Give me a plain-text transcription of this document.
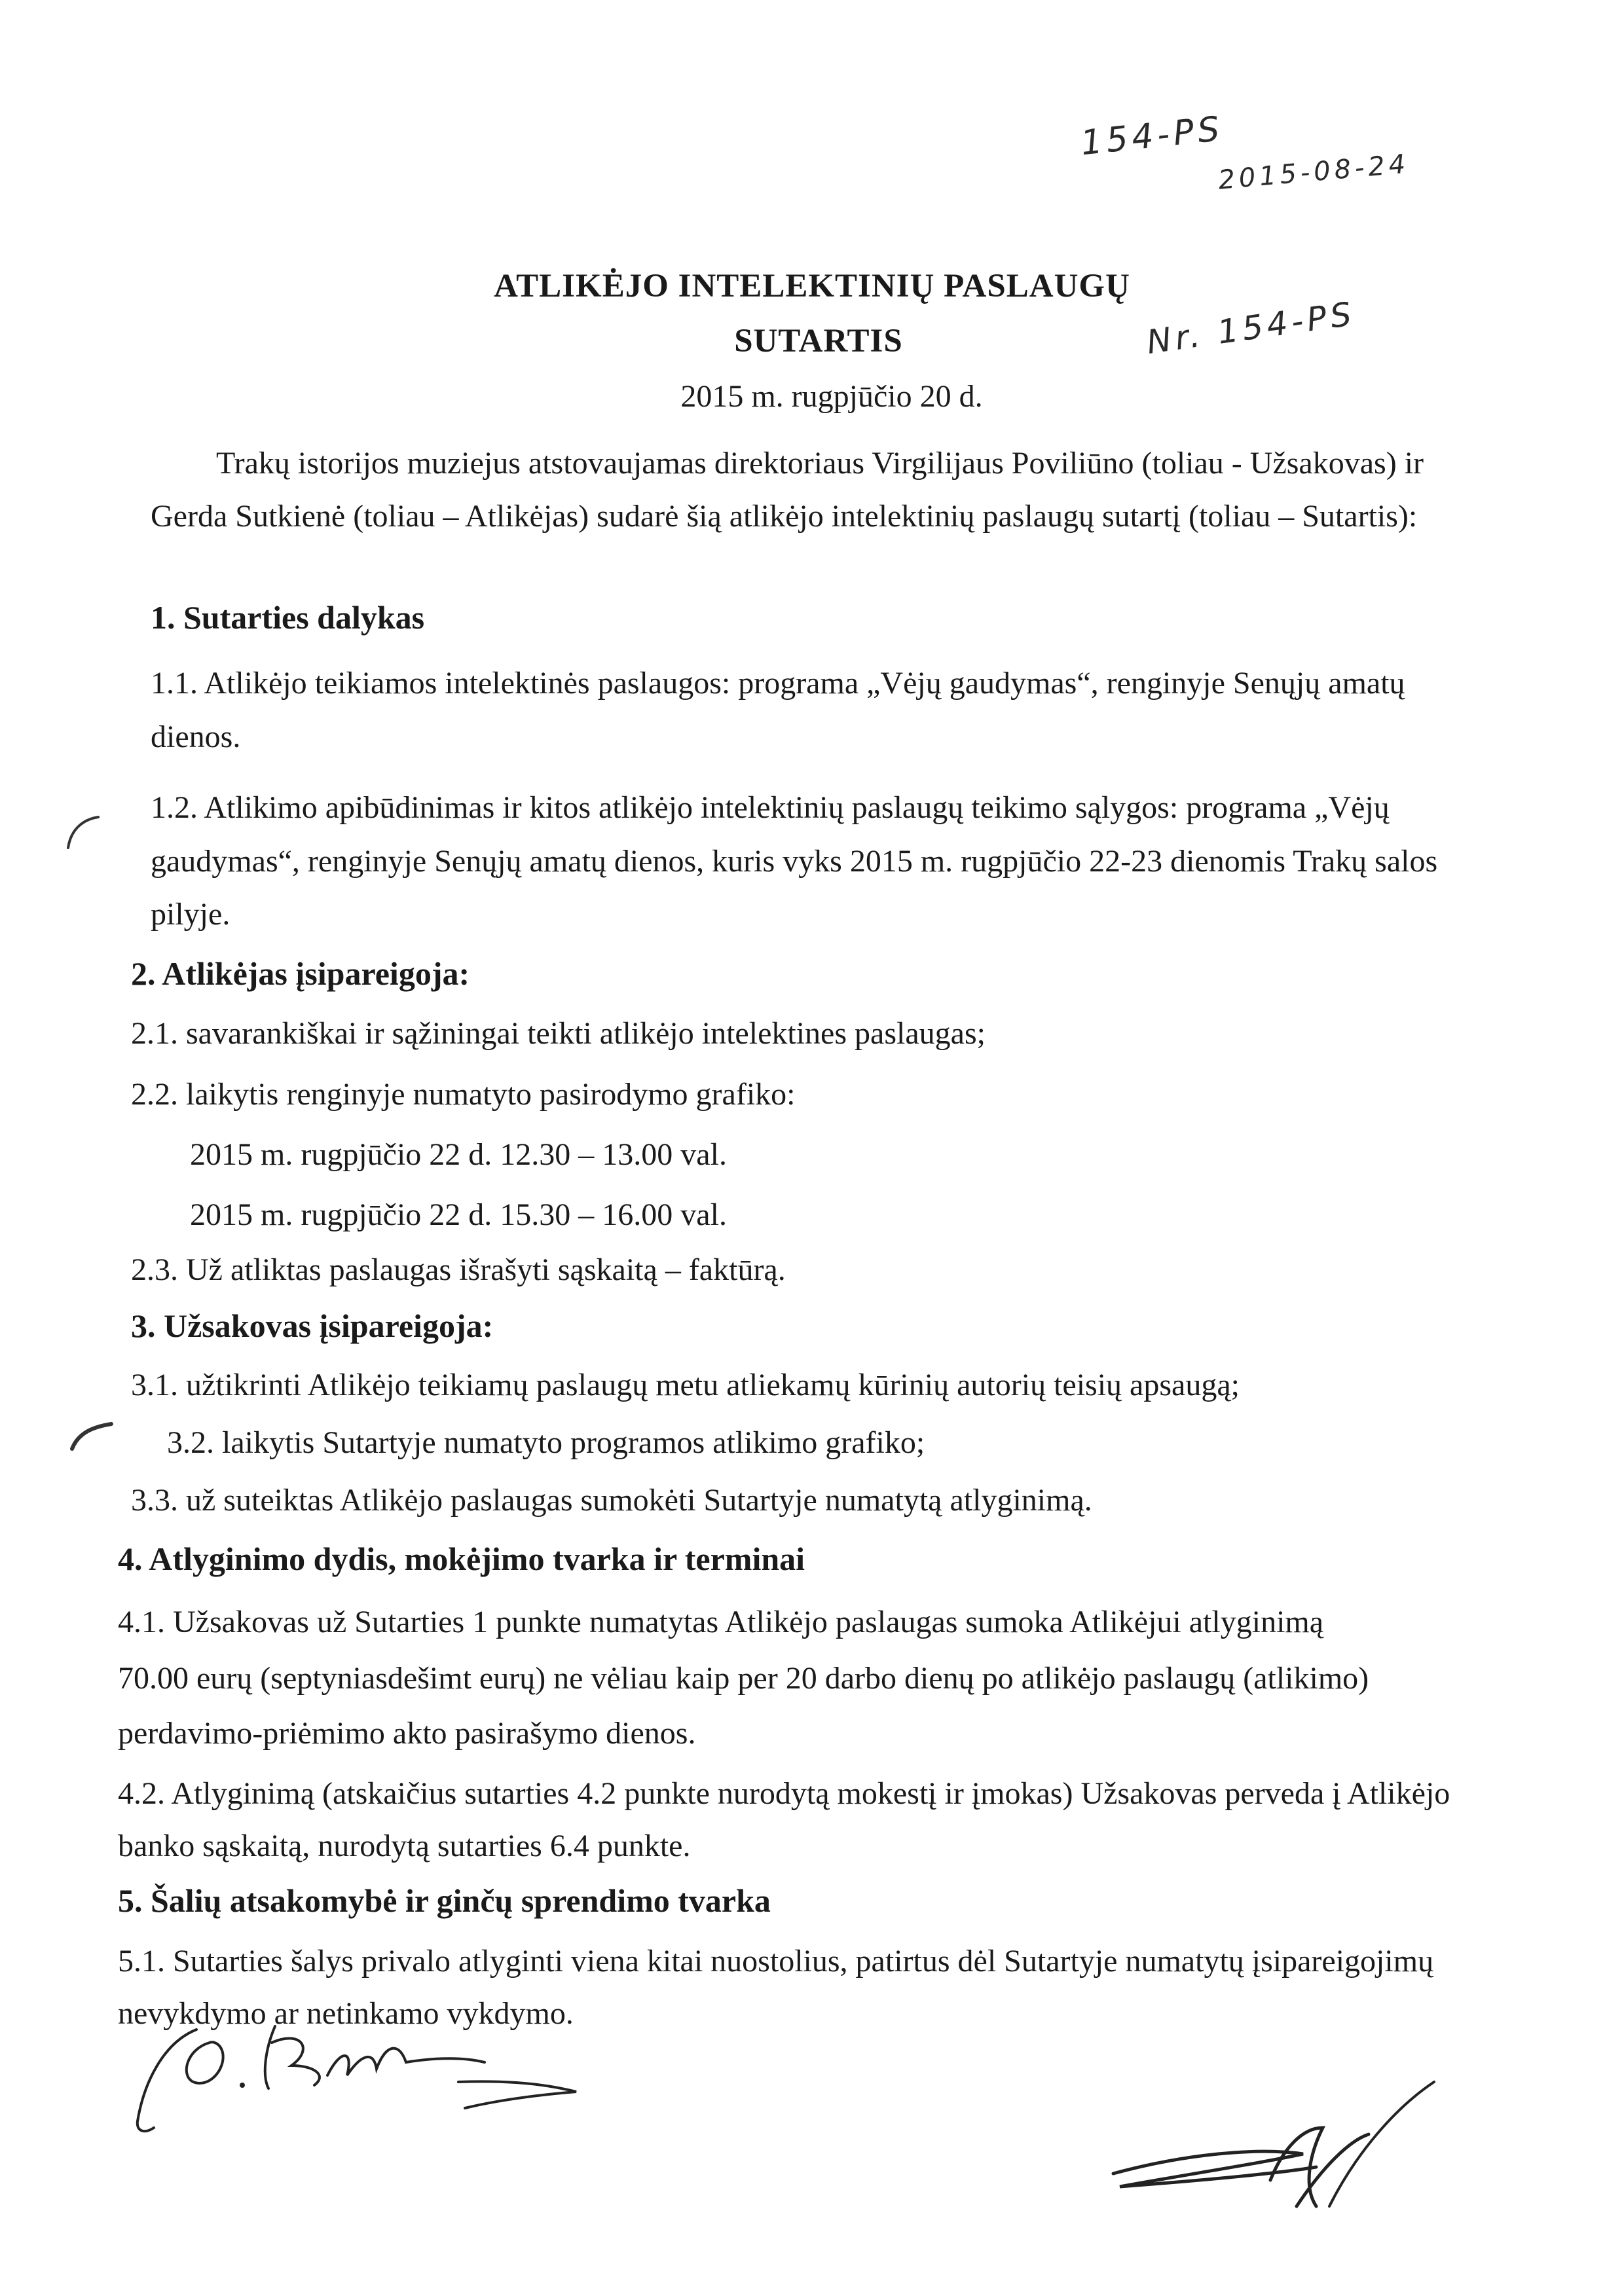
154-PS
2015-08-24
Nr. 154-PS
ATLIKĖJO INTELEKTINIŲ PASLAUGŲ
SUTARTIS
2015 m. rugpjūčio 20 d.
Trakų istorijos muziejus atstovaujamas direktoriaus Virgilijaus Poviliūno (toliau - Užsakovas) ir
Gerda Sutkienė (toliau – Atlikėjas) sudarė šią atlikėjo intelektinių paslaugų sutartį (toliau – Sutartis):
1. Sutarties dalykas
1.1. Atlikėjo teikiamos intelektinės paslaugos: programa „Vėjų gaudymas“, renginyje Senųjų amatų
dienos.
1.2. Atlikimo apibūdinimas ir kitos atlikėjo intelektinių paslaugų teikimo sąlygos: programa „Vėjų
gaudymas“, renginyje Senųjų amatų dienos, kuris vyks 2015 m. rugpjūčio 22-23 dienomis Trakų salos
pilyje.
2. Atlikėjas įsipareigoja:
2.1. savarankiškai ir sąžiningai teikti atlikėjo intelektines paslaugas;
2.2. laikytis renginyje numatyto pasirodymo grafiko:
2015 m. rugpjūčio 22 d. 12.30 – 13.00 val.
2015 m. rugpjūčio 22 d. 15.30 – 16.00 val.
2.3. Už atliktas paslaugas išrašyti sąskaitą – faktūrą.
3. Užsakovas įsipareigoja:
3.1. užtikrinti Atlikėjo teikiamų paslaugų metu atliekamų kūrinių autorių teisių apsaugą;
3.2. laikytis Sutartyje numatyto programos atlikimo grafiko;
3.3. už suteiktas Atlikėjo paslaugas sumokėti Sutartyje numatytą atlyginimą.
4. Atlyginimo dydis, mokėjimo tvarka ir terminai
4.1. Užsakovas už Sutarties 1 punkte numatytas Atlikėjo paslaugas sumoka Atlikėjui atlyginimą
70.00 eurų (septyniasdešimt eurų) ne vėliau kaip per 20 darbo dienų po atlikėjo paslaugų (atlikimo)
perdavimo-priėmimo akto pasirašymo dienos.
4.2. Atlyginimą (atskaičius sutarties 4.2 punkte nurodytą mokestį ir įmokas) Užsakovas perveda į Atlikėjo
banko sąskaitą, nurodytą sutarties 6.4 punkte.
5. Šalių atsakomybė ir ginčų sprendimo tvarka
5.1. Sutarties šalys privalo atlyginti viena kitai nuostolius, patirtus dėl Sutartyje numatytų įsipareigojimų
nevykdymo ar netinkamo vykdymo.
